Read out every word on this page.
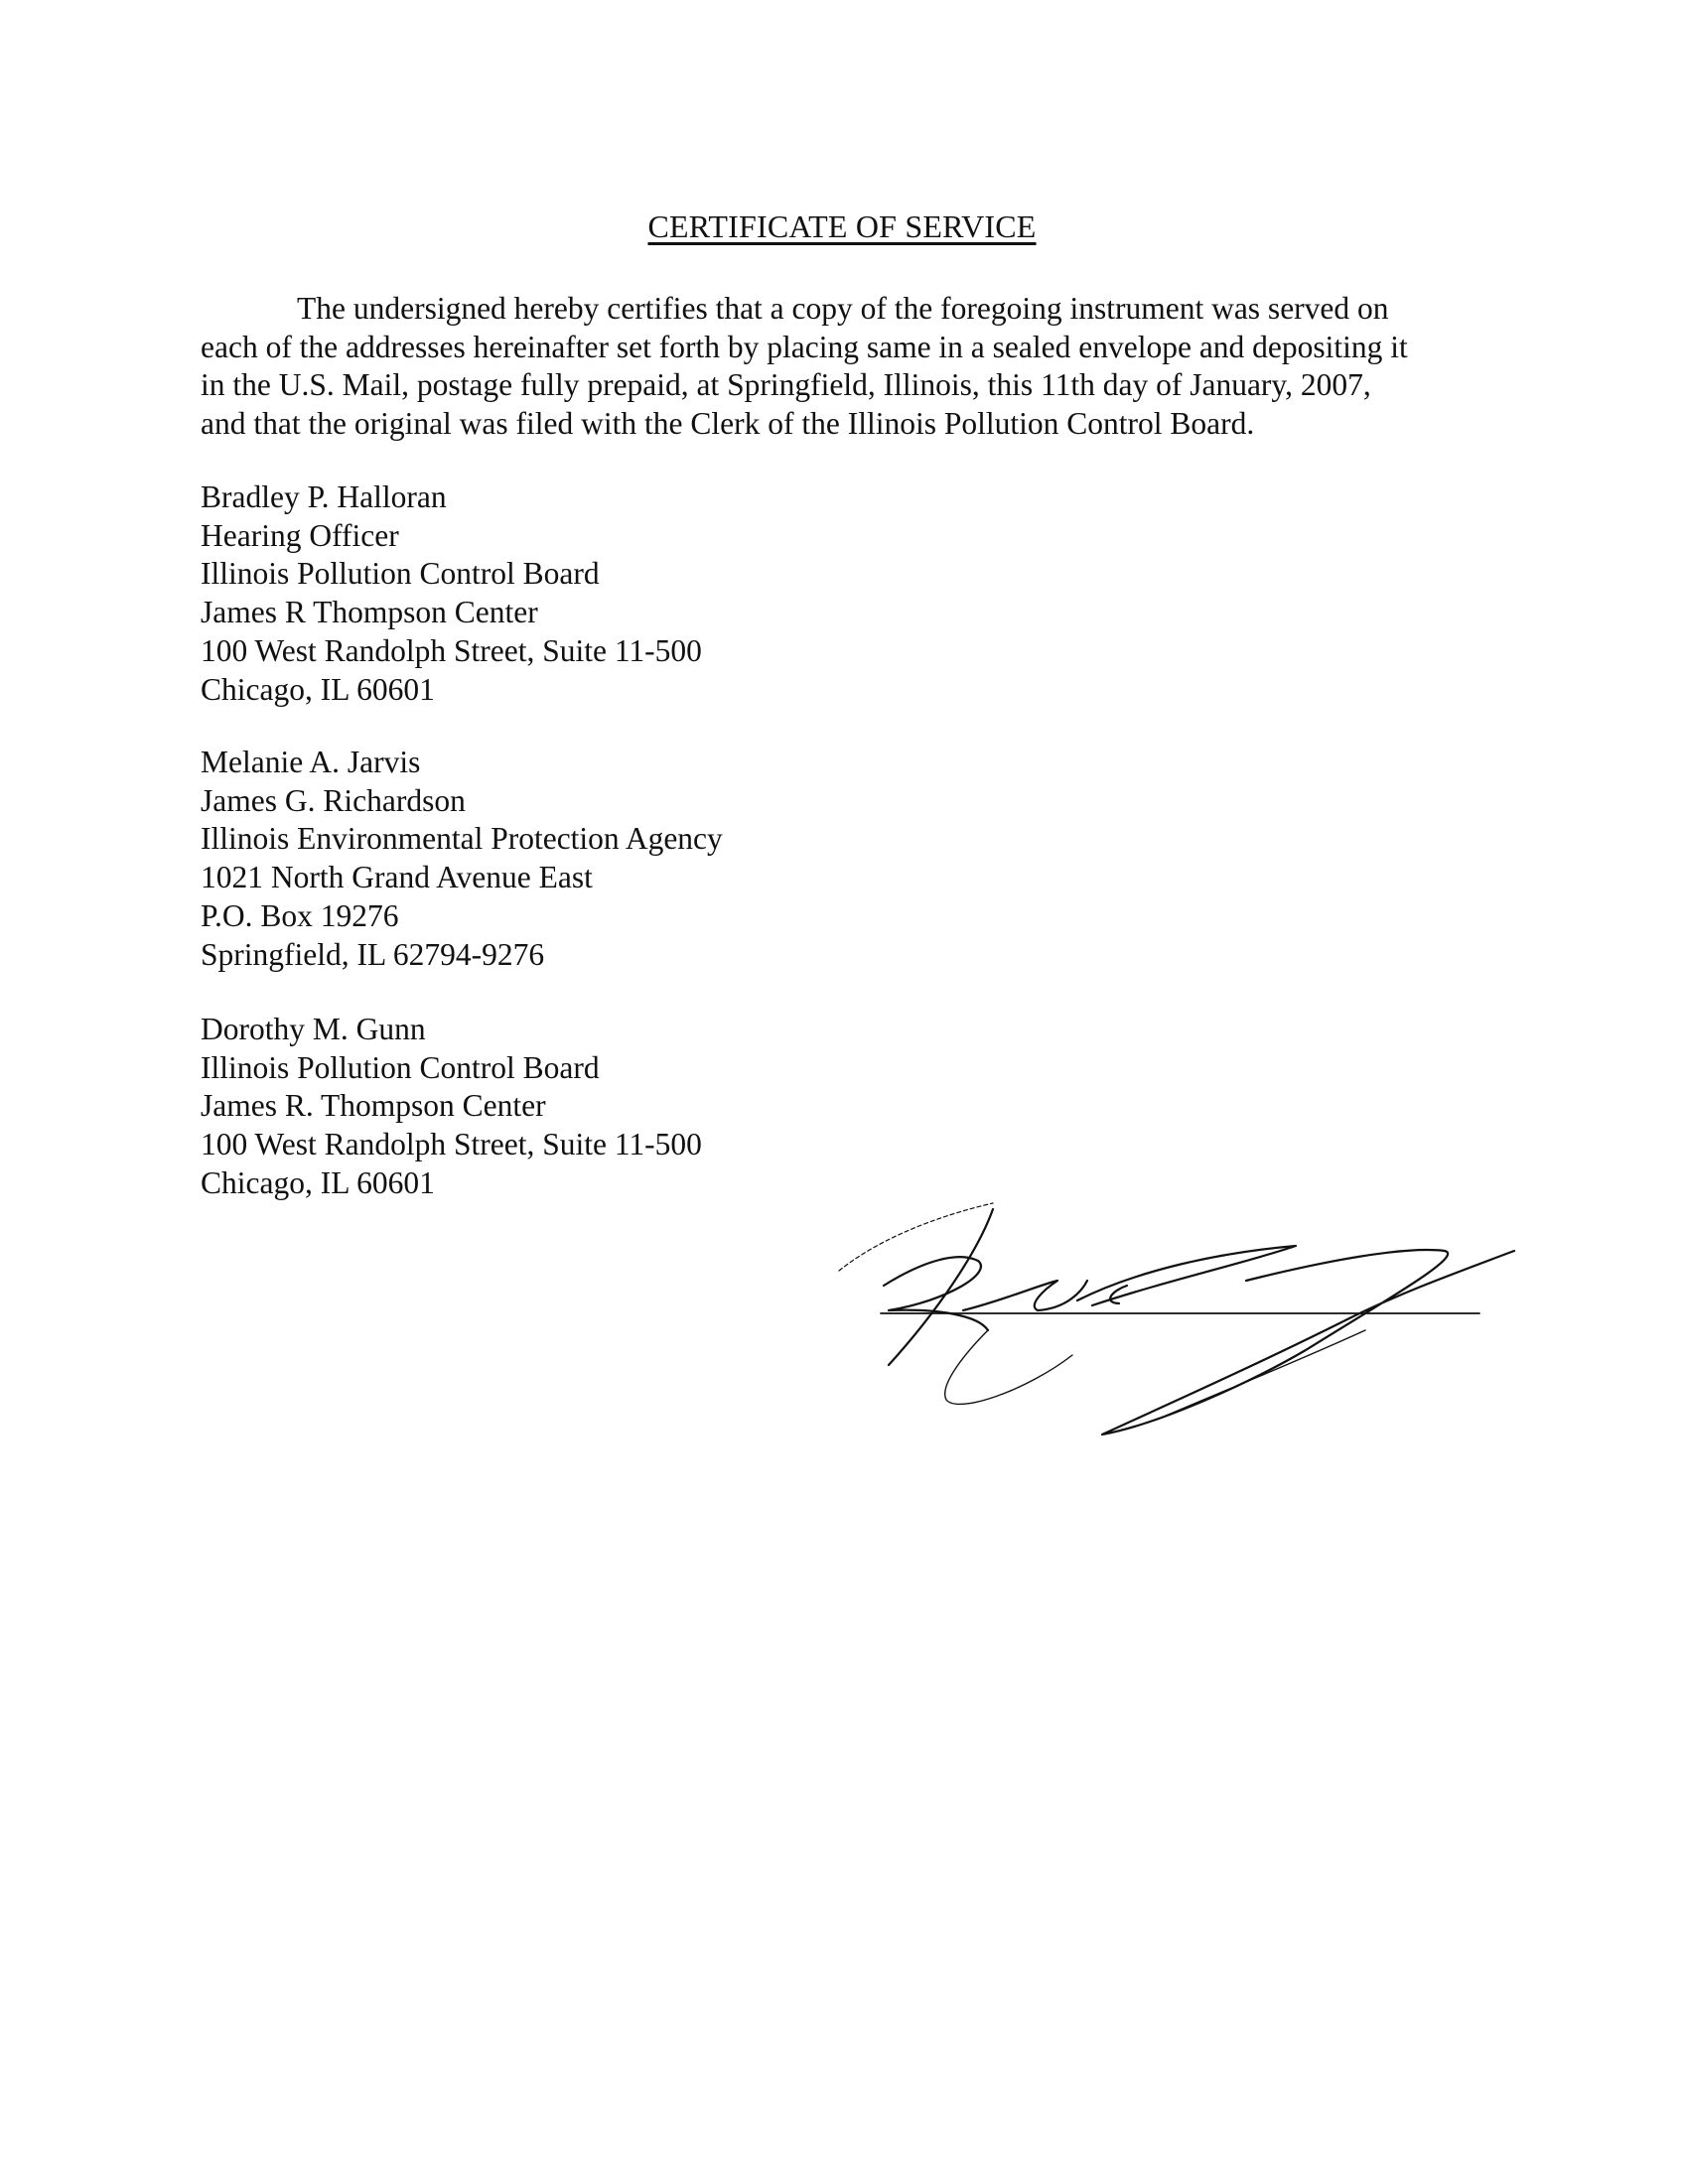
CERTIFICATE OF SERVICE
The undersigned hereby certifies that a copy of the foregoing instrument was served on
each of the addresses hereinafter set forth by placing same in a sealed envelope and depositing it
in the U.S. Mail, postage fully prepaid, at Springfield, Illinois, this 11th day of January, 2007,
and that the original was filed with the Clerk of the Illinois Pollution Control Board.
Bradley P. Halloran
Hearing Officer
Illinois Pollution Control Board
James R Thompson Center
100 West Randolph Street, Suite 11-500
Chicago, IL 60601
Melanie A. Jarvis
James G. Richardson
Illinois Environmental Protection Agency
1021 North Grand Avenue East
P.O. Box 19276
Springfield, IL 62794-9276
Dorothy M. Gunn
Illinois Pollution Control Board
James R. Thompson Center
100 West Randolph Street, Suite 11-500
Chicago, IL 60601
